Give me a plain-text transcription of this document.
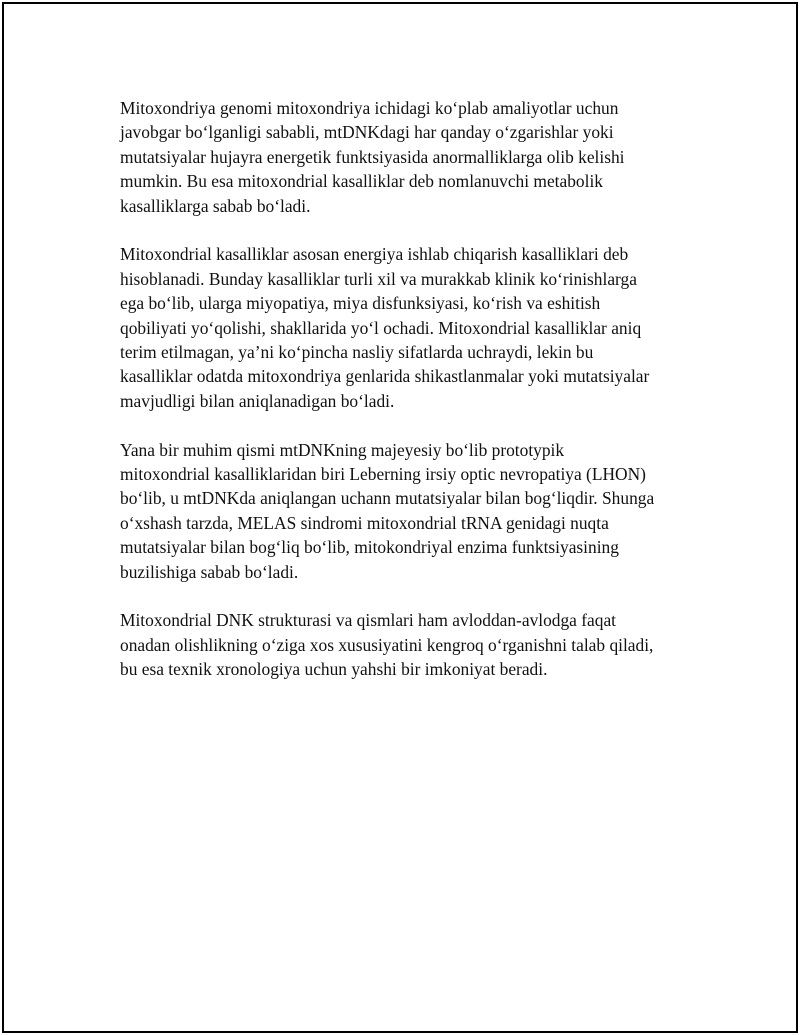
Mitoxondriya genomi mitoxondriya ichidagi koʻplab amaliyotlar uchun
javobgar boʻlganligi sababli, mtDNKdagi har qanday oʻzgarishlar yoki
mutatsiyalar hujayra energetik funktsiyasida anormalliklarga olib kelishi
mumkin. Bu esa mitoxondrial kasalliklar deb nomlanuvchi metabolik
kasalliklarga sabab boʻladi.

Mitoxondrial kasalliklar asosan energiya ishlab chiqarish kasalliklari deb
hisoblanadi. Bunday kasalliklar turli xil va murakkab klinik koʻrinishlarga
ega boʻlib, ularga miyopatiya, miya disfunksiyasi, koʻrish va eshitish
qobiliyati yoʻqolishi, shakllarida yoʻl ochadi. Mitoxondrial kasalliklar aniq
terim etilmagan, yaʼni koʻpincha nasliy sifatlarda uchraydi, lekin bu
kasalliklar odatda mitoxondriya genlarida shikastlanmalar yoki mutatsiyalar
mavjudligi bilan aniqlanadigan boʻladi.

Yana bir muhim qismi mtDNKning majeyesiy boʻlib prototypik
mitoxondrial kasalliklaridan biri Leberning irsiy optic nevropatiya (LHON)
boʻlib, u mtDNKda aniqlangan uchann mutatsiyalar bilan bogʻliqdir. Shunga
oʻxshash tarzda, MELAS sindromi mitoxondrial tRNA genidagi nuqta
mutatsiyalar bilan bogʻliq boʻlib, mitokondriyal enzima funktsiyasining
buzilishiga sabab boʻladi.

Mitoxondrial DNK strukturasi va qismlari ham avloddan-avlodga faqat
onadan olishlikning oʻziga xos xususiyatini kengroq oʻrganishni talab qiladi,
bu esa texnik xronologiya uchun yahshi bir imkoniyat beradi.
